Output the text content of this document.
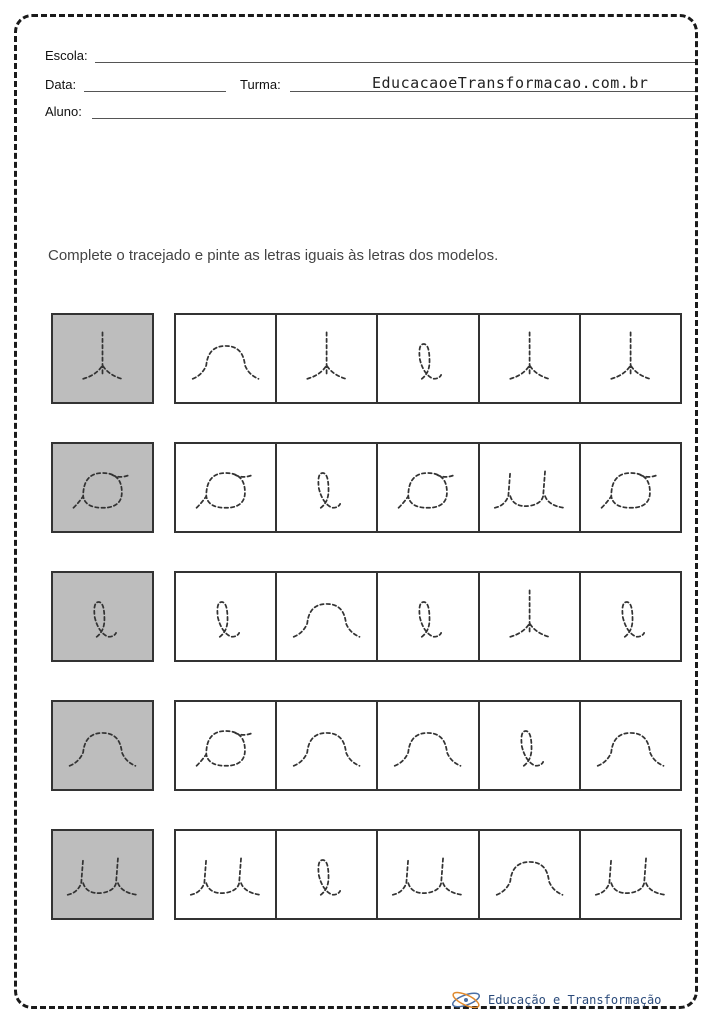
Escola:
Data:	Turma:	EducacaoeTransformacao.com.br
Aluno:
Complete o tracejado e pinte as letras iguais às letras dos modelos.
Educação e Transformação
